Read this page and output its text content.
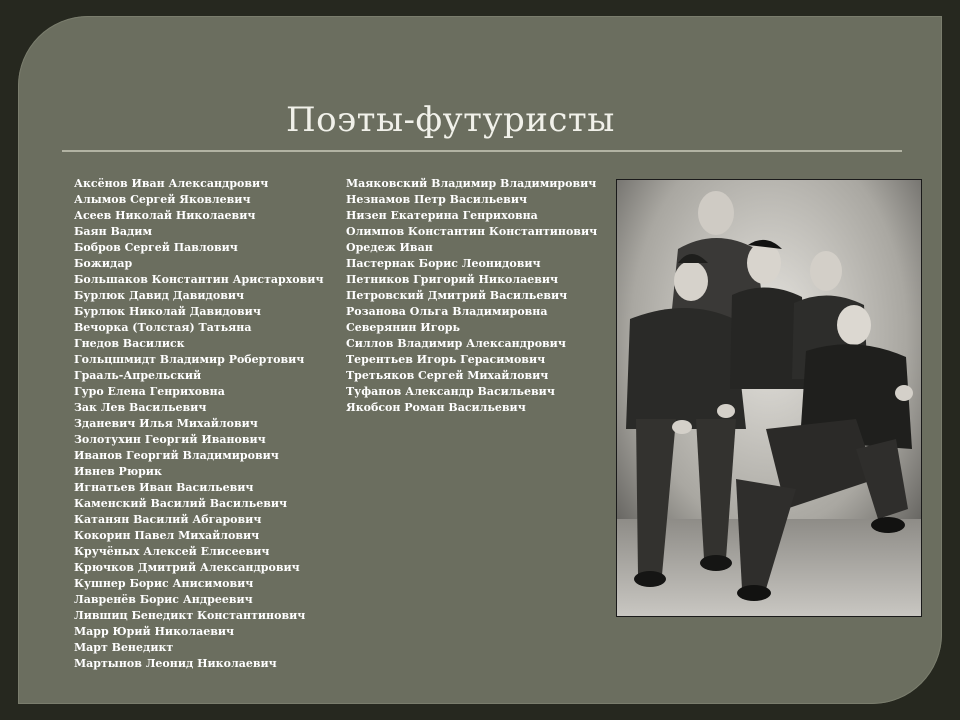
Поэты-футуристы
Аксёнов Иван Александрович
Алымов Сергей Яковлевич
Асеев Николай Николаевич
Баян Вадим
Бобров Сергей Павлович
Божидар
Большаков Константин Аристархович
Бурлюк Давид Давидович
Бурлюк Николай Давидович
Вечорка (Толстая) Татьяна
Гнедов Василиск
Гольцшмидт Владимир Робертович
Грааль-Апрельский
Гуро Елена Генриховна
Зак Лев Васильевич
Зданевич Илья Михайлович
Золотухин Георгий Иванович
Иванов Георгий Владимирович
Ивнев Рюрик
Игнатьев Иван Васильевич
Каменский Василий Васильевич
Катанян Василий Абгарович
Кокорин Павел Михайлович
Кручёных Алексей Елисеевич
Крючков Дмитрий Александрович
Кушнер Борис Анисимович
Лавренёв Борис Андреевич
Лившиц Бенедикт Константинович
Марр Юрий Николаевич
Март Венедикт
Мартынов Леонид Николаевич
Маяковский Владимир Владимирович
Незнамов Петр Васильевич
Низен Екатерина Генриховна
Олимпов Константин Константинович
Оредеж Иван
Пастернак Борис Леонидович
Петников Григорий Николаевич
Петровский Дмитрий Васильевич
Розанова Ольга Владимировна
Северянин Игорь
Силлов Владимир Александрович
Терентьев Игорь Герасимович
Третьяков Сергей Михайлович
Туфанов Александр Васильевич
Якобсон Роман Васильевич
